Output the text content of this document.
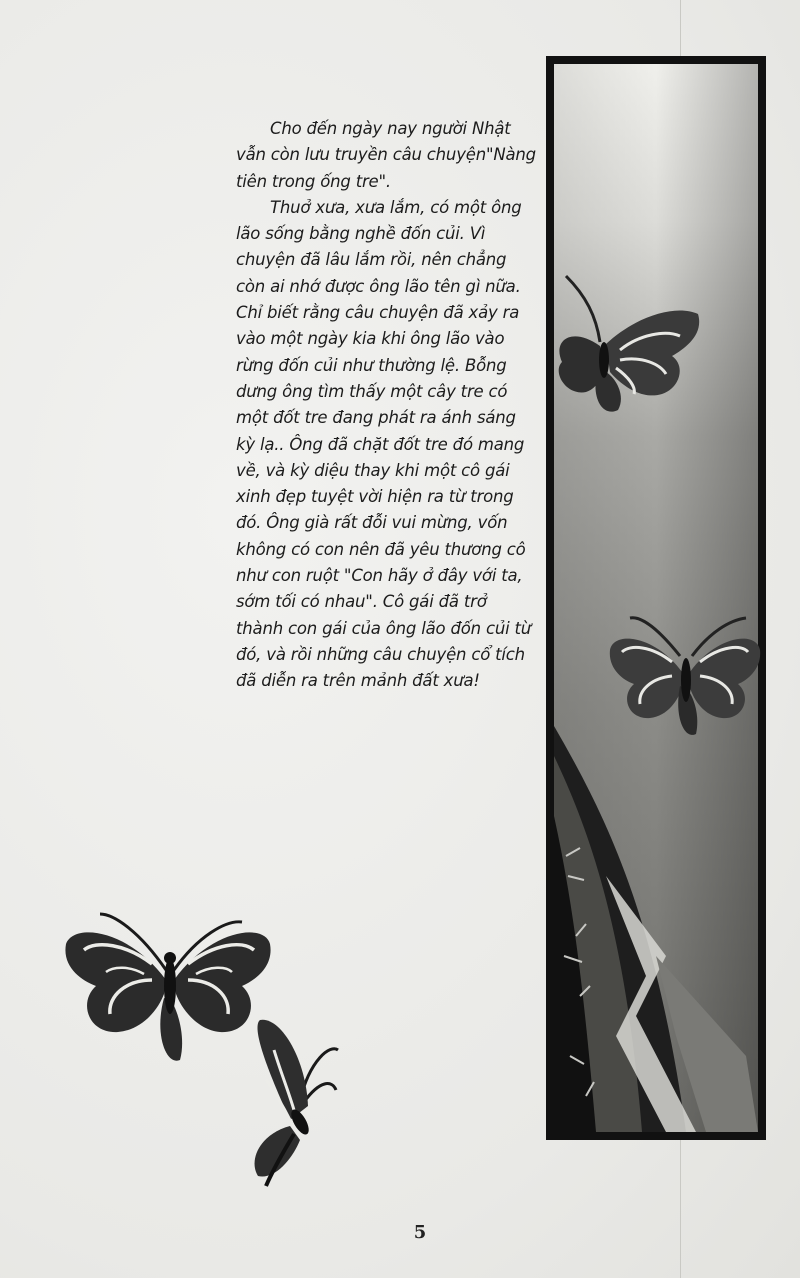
Cho đến ngày nay người Nhật vẫn còn lưu truyền câu chuyện"Nàng tiên trong ống tre".

Thuở xưa, xưa lắm, có một ông lão sống bằng nghề đốn củi. Vì chuyện đã lâu lắm rồi, nên chẳng còn ai nhớ được ông lão tên gì nữa. Chỉ biết rằng câu chuyện đã xảy ra vào một ngày kia khi ông lão vào rừng đốn củi như thường lệ. Bỗng dưng ông tìm thấy một cây tre có một đốt tre đang phát ra ánh sáng kỳ lạ.. Ông đã chặt đốt tre đó mang về, và kỳ diệu thay khi một cô gái xinh đẹp tuyệt vời hiện ra từ trong đó. Ông già rất đỗi vui mừng, vốn không có con nên đã yêu thương cô như con ruột "Con hãy ở đây với ta, sớm tối có nhau". Cô gái đã trở thành con gái của ông lão đốn củi từ đó, và rồi những câu chuyện cổ tích đã diễn ra trên mảnh đất xưa!

5
